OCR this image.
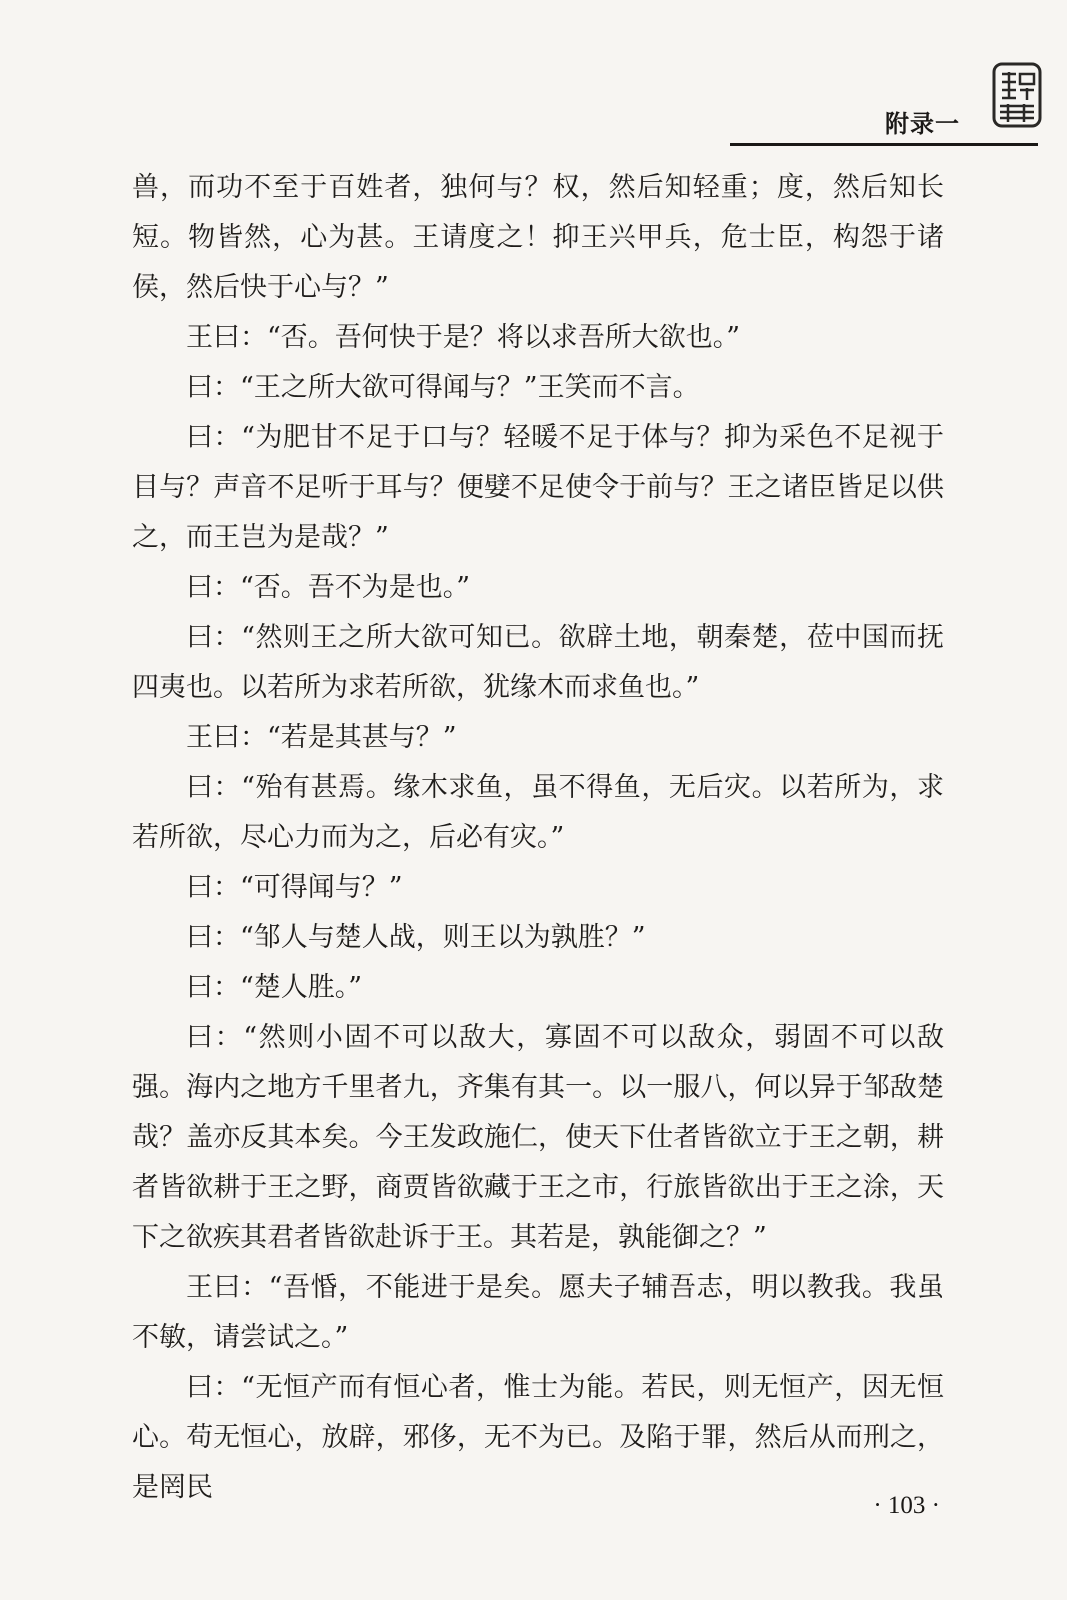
附录一

兽，而功不至于百姓者，独何与？权，然后知轻重；度，然后知长短。物皆然，心为甚。王请度之！抑王兴甲兵，危士臣，构怨于诸侯，然后快于心与？”

王曰：“否。吾何快于是？将以求吾所大欲也。”

曰：“王之所大欲可得闻与？”王笑而不言。

曰：“为肥甘不足于口与？轻暖不足于体与？抑为采色不足视于目与？声音不足听于耳与？便嬖不足使令于前与？王之诸臣皆足以供之，而王岂为是哉？”

曰：“否。吾不为是也。”

曰：“然则王之所大欲可知已。欲辟土地，朝秦楚，莅中国而抚四夷也。以若所为求若所欲，犹缘木而求鱼也。”

王曰：“若是其甚与？”

曰：“殆有甚焉。缘木求鱼，虽不得鱼，无后灾。以若所为，求若所欲，尽心力而为之，后必有灾。”

曰：“可得闻与？”

曰：“邹人与楚人战，则王以为孰胜？”

曰：“楚人胜。”

曰：“然则小固不可以敌大，寡固不可以敌众，弱固不可以敌强。海内之地方千里者九，齐集有其一。以一服八，何以异于邹敌楚哉？盖亦反其本矣。今王发政施仁，使天下仕者皆欲立于王之朝，耕者皆欲耕于王之野，商贾皆欲藏于王之市，行旅皆欲出于王之涂，天下之欲疾其君者皆欲赴诉于王。其若是，孰能御之？”

王曰：“吾惛，不能进于是矣。愿夫子辅吾志，明以教我。我虽不敏，请尝试之。”

曰：“无恒产而有恒心者，惟士为能。若民，则无恒产，因无恒心。苟无恒心，放辟，邪侈，无不为已。及陷于罪，然后从而刑之，是罔民

· 103 ·
